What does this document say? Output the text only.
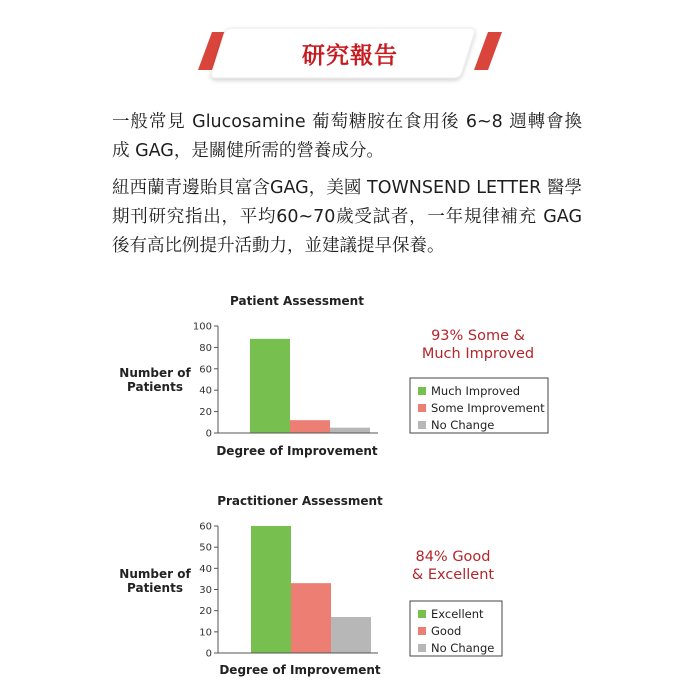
研究報告
一般常見 Glucosamine 葡萄糖胺在食用後 6~8 週轉會換成 GAG，是關健所需的營養成分。
紐西蘭青邊貽貝富含GAG，美國 TOWNSEND LETTER 醫學期刊研究指出，平均60~70歲受試者，一年規律補充 GAG 後有高比例提升活動力，並建議提早保養。
Patient Assessment
Number of
Patients
Degree of Improvement
93% Some &
Much Improved
0
20
40
60
80
100
Much Improved
Some Improvement
No Change
Practitioner Assessment
Number of
Patients
Degree of Improvement
84% Good
& Excellent
0
10
20
30
40
50
60
Excellent
Good
No Change
